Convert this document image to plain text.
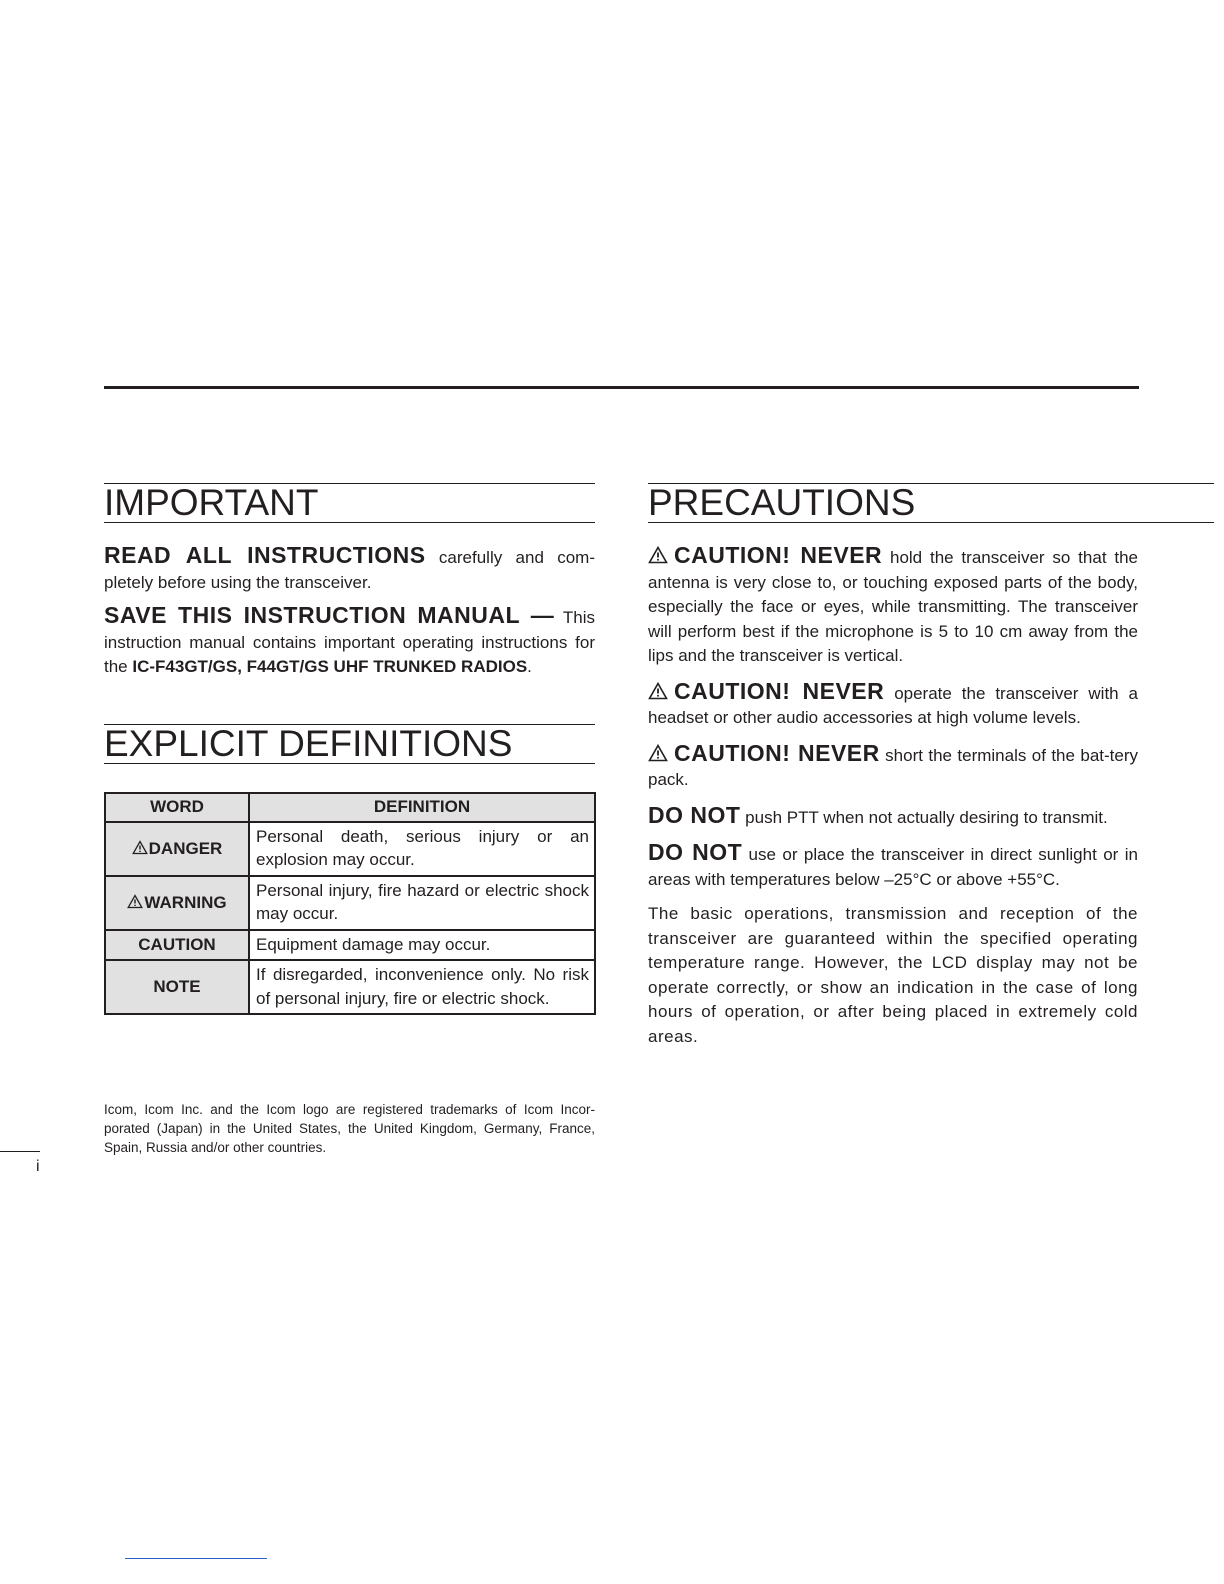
IMPORTANT

READ ALL INSTRUCTIONS carefully and com-pletely before using the transceiver.

SAVE THIS INSTRUCTION MANUAL — This instruction manual contains important operating instructions for the IC-F43GT/GS, F44GT/GS UHF TRUNKED RADIOS.

EXPLICIT DEFINITIONS
WORD	DEFINITION
DANGER	Personal death, serious injury or an explosion may occur.
WARNING	Personal injury, fire hazard or electric shock may occur.
CAUTION	Equipment damage may occur.
NOTE	If disregarded, inconvenience only. No risk of personal injury, fire or electric shock.

Icom, Icom Inc. and the Icom logo are registered trademarks of Icom Incor-porated (Japan) in the United States, the United Kingdom, Germany, France, Spain, Russia and/or other countries.

i
PRECAUTIONS

CAUTION! NEVER hold the transceiver so that the antenna is very close to, or touching exposed parts of the body, especially the face or eyes, while transmitting. The transceiver will perform best if the microphone is 5 to 10 cm away from the lips and the transceiver is vertical.

CAUTION! NEVER operate the transceiver with a headset or other audio accessories at high volume levels.

CAUTION! NEVER short the terminals of the bat-tery pack.

DO NOT push PTT when not actually desiring to transmit.

DO NOT use or place the transceiver in direct sunlight or in areas with temperatures below –25°C or above +55°C.

The basic operations, transmission and reception of the transceiver are guaranteed within the specified operating temperature range. However, the LCD display may not be operate correctly, or show an indication in the case of long hours of operation, or after being placed in extremely cold areas.
